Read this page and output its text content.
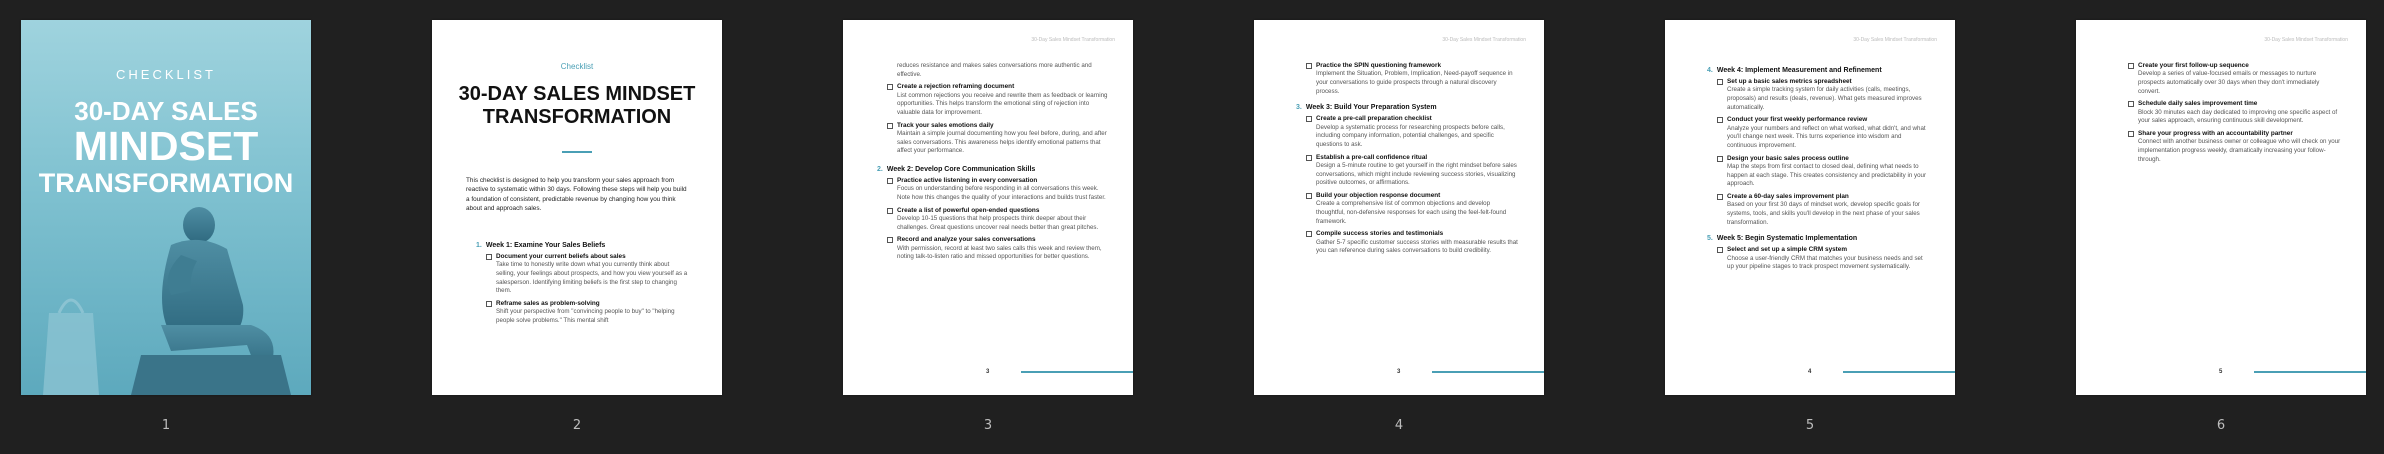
CHECKLIST
30-DAY SALES
MINDSET
TRANSFORMATION
1
Checklist
30-DAY SALES MINDSET
TRANSFORMATION
This checklist is designed to help you transform your sales approach from reactive to systematic within 30 days. Following these steps will help you build a foundation of consistent, predictable revenue by changing how you think about and approach sales.
1. Week 1: Examine Your Sales Beliefs
Document your current beliefs about sales
Take time to honestly write down what you currently think about selling, your feelings about prospects, and how you view yourself as a salesperson. Identifying limiting beliefs is the first step to changing them.
Reframe sales as problem-solving
Shift your perspective from "convincing people to buy" to "helping people solve problems." This mental shift
2
30-Day Sales Mindset Transformation
reduces resistance and makes sales conversations more authentic and effective.
Create a rejection reframing document
List common rejections you receive and rewrite them as feedback or learning opportunities. This helps transform the emotional sting of rejection into valuable data for improvement.
Track your sales emotions daily
Maintain a simple journal documenting how you feel before, during, and after sales conversations. This awareness helps identify emotional patterns that affect your performance.
2. Week 2: Develop Core Communication Skills
Practice active listening in every conversation
Focus on understanding before responding in all conversations this week. Note how this changes the quality of your interactions and builds trust faster.
Create a list of powerful open-ended questions
Develop 10-15 questions that help prospects think deeper about their challenges. Great questions uncover real needs better than great pitches.
Record and analyze your sales conversations
With permission, record at least two sales calls this week and review them, noting talk-to-listen ratio and missed opportunities for better questions.
3
3
30-Day Sales Mindset Transformation
Practice the SPIN questioning framework
Implement the Situation, Problem, Implication, Need-payoff sequence in your conversations to guide prospects through a natural discovery process.
3. Week 3: Build Your Preparation System
Create a pre-call preparation checklist
Develop a systematic process for researching prospects before calls, including company information, potential challenges, and specific questions to ask.
Establish a pre-call confidence ritual
Design a 5-minute routine to get yourself in the right mindset before sales conversations, which might include reviewing success stories, visualizing positive outcomes, or affirmations.
Build your objection response document
Create a comprehensive list of common objections and develop thoughtful, non-defensive responses for each using the feel-felt-found framework.
Compile success stories and testimonials
Gather 5-7 specific customer success stories with measurable results that you can reference during sales conversations to build credibility.
3
4
30-Day Sales Mindset Transformation
4. Week 4: Implement Measurement and Refinement
Set up a basic sales metrics spreadsheet
Create a simple tracking system for daily activities (calls, meetings, proposals) and results (deals, revenue). What gets measured improves automatically.
Conduct your first weekly performance review
Analyze your numbers and reflect on what worked, what didn't, and what you'll change next week. This turns experience into wisdom and continuous improvement.
Design your basic sales process outline
Map the steps from first contact to closed deal, defining what needs to happen at each stage. This creates consistency and predictability in your approach.
Create a 60-day sales improvement plan
Based on your first 30 days of mindset work, develop specific goals for systems, tools, and skills you'll develop in the next phase of your sales transformation.
5. Week 5: Begin Systematic Implementation
Select and set up a simple CRM system
Choose a user-friendly CRM that matches your business needs and set up your pipeline stages to track prospect movement systematically.
4
5
30-Day Sales Mindset Transformation
Create your first follow-up sequence
Develop a series of value-focused emails or messages to nurture prospects automatically over 30 days when they don't immediately convert.
Schedule daily sales improvement time
Block 30 minutes each day dedicated to improving one specific aspect of your sales approach, ensuring continuous skill development.
Share your progress with an accountability partner
Connect with another business owner or colleague who will check on your implementation progress weekly, dramatically increasing your follow-through.
5
6
